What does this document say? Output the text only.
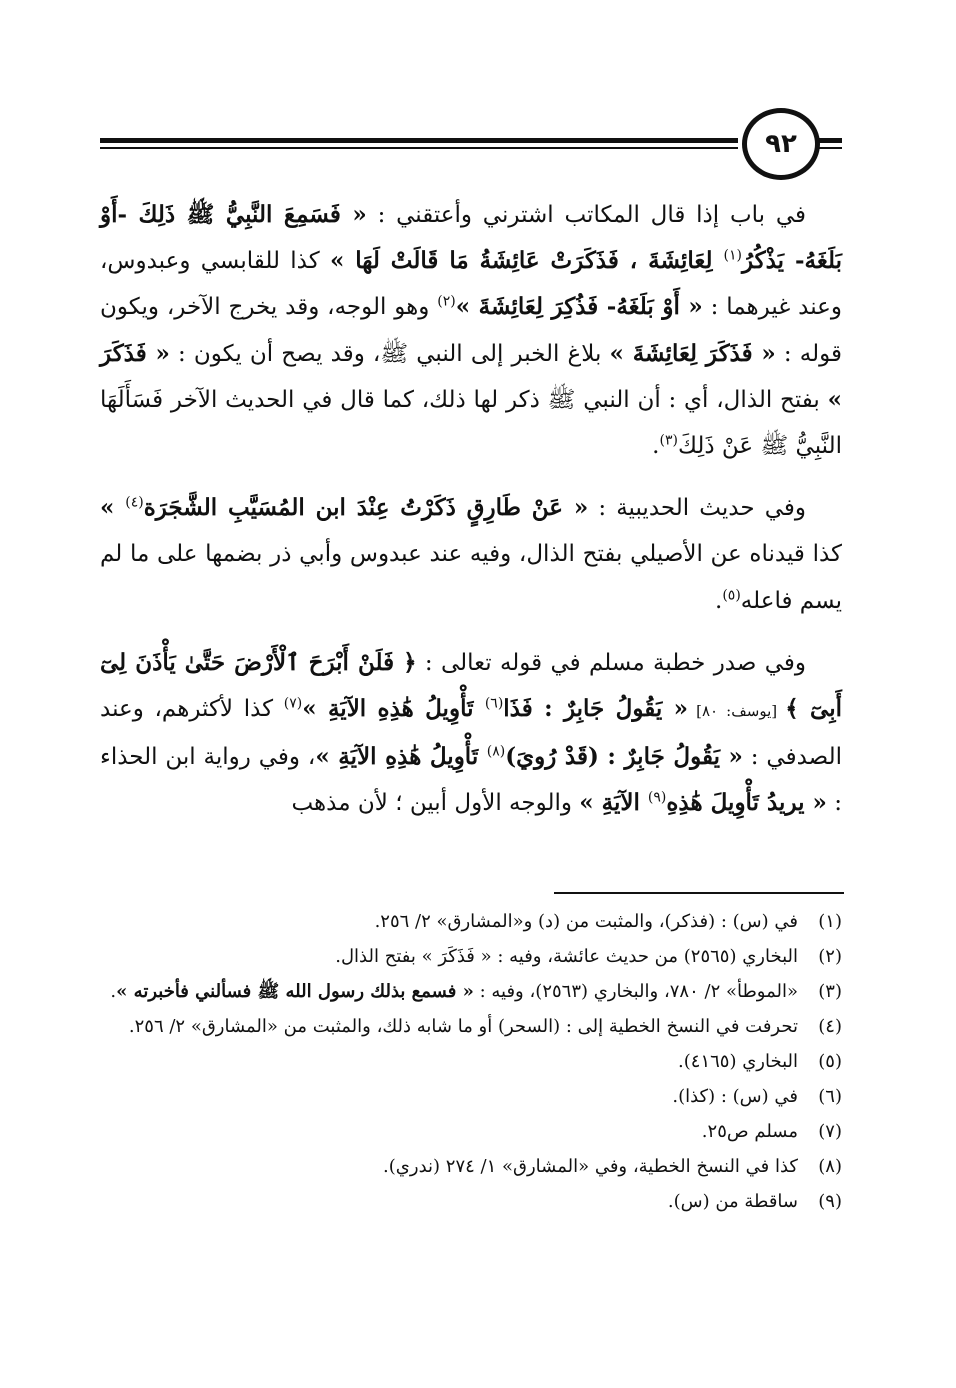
٩٢

في باب إذا قال المكاتب اشترني وأعتقني : « فَسَمِعَ النَّبِيُّ ﷺ ذَلِكَ -أَوْ بَلَغَهُ- يَذْكُرُ$^{(١)}$ لِعَائِشَةَ ، فَذَكَرَتْ عَائِشَةُ مَا قَالَتْ لَهَا » كذا للقابسي وعبدوس، وعند غيرهما : « أَوْ بَلَغَهُ- فَذُكِرَ لِعَائِشَةَ »$^{(٢)}$ وهو الوجه، وقد يخرج الآخر، ويكون قوله : « فَذَكَرَ لِعَائِشَةَ » بلاغ الخبر إلى النبي ﷺ، وقد يصح أن يكون : « فَذَكَرَ » بفتح الذال، أي : أن النبي ﷺ ذكر لها ذلك، كما قال في الحديث الآخر فَسَأَلَهَا النَّبِيُّ ﷺ عَنْ ذَلِكَ$^{(٣)}$.

وفي حديث الحديبية : « عَنْ طَارِقٍ ذَكَرْتُ عِنْدَ ابن المُسَيَّبِ الشَّجَرَة$^{(٤)}$ » كذا قيدناه عن الأصيلي بفتح الذال، وفيه عند عبدوس وأبي ذر بضمها على ما لم يسم فاعله$^{(٥)}$.

وفي صدر خطبة مسلم في قوله تعالى : ﴿ فَلَنْ أَبْرَحَ ٱلْأَرْضَ حَتَّىٰ يَأْذَنَ لِىٓ أَبِىٓ ﴾ [يوسف: ٨٠] « يَقُولُ جَابِرٌ : فَذَا$^{(٦)}$ تَأْوِيلُ هَٰذِهِ الآيَةِ »$^{(٧)}$ كذا لأكثرهم، وعند الصدفي : « يَقُولُ جَابِرٌ : (قَدْ رُويَ)$^{(٨)}$ تَأْوِيلُ هَٰذِهِ الآيَةِ »، وفي رواية ابن الحذاء : « يريدُ تَأْوِيلَ هَٰذِهِ$^{(٩)}$ الآيَةِ » والوجه الأول أبين ؛ لأن مذهب

(١)
في (س) : (فذكر)، والمثبت من (د) و«المشارق» ٢/ ٢٥٦.
(٢)
البخاري (٢٥٦٥) من حديث عائشة، وفيه : « فَذَكَرَ » بفتح الذال.
(٣)
«الموطأ» ٢/ ٧٨٠، والبخاري (٢٥٦٣)، وفيه : « فسمع بذلك رسول الله ﷺ فسألني فأخبرته ».
(٤)
تحرفت في النسخ الخطية إلى : (السحر) أو ما شابه ذلك، والمثبت من «المشارق» ٢/ ٢٥٦.
(٥)
البخاري (٤١٦٥).
(٦)
في (س) : (كذا).
(٧)
مسلم ص٢٥.
(٨)
كذا في النسخ الخطية، وفي «المشارق» ١/ ٢٧٤ (ندري).
(٩)
ساقطة من (س).
